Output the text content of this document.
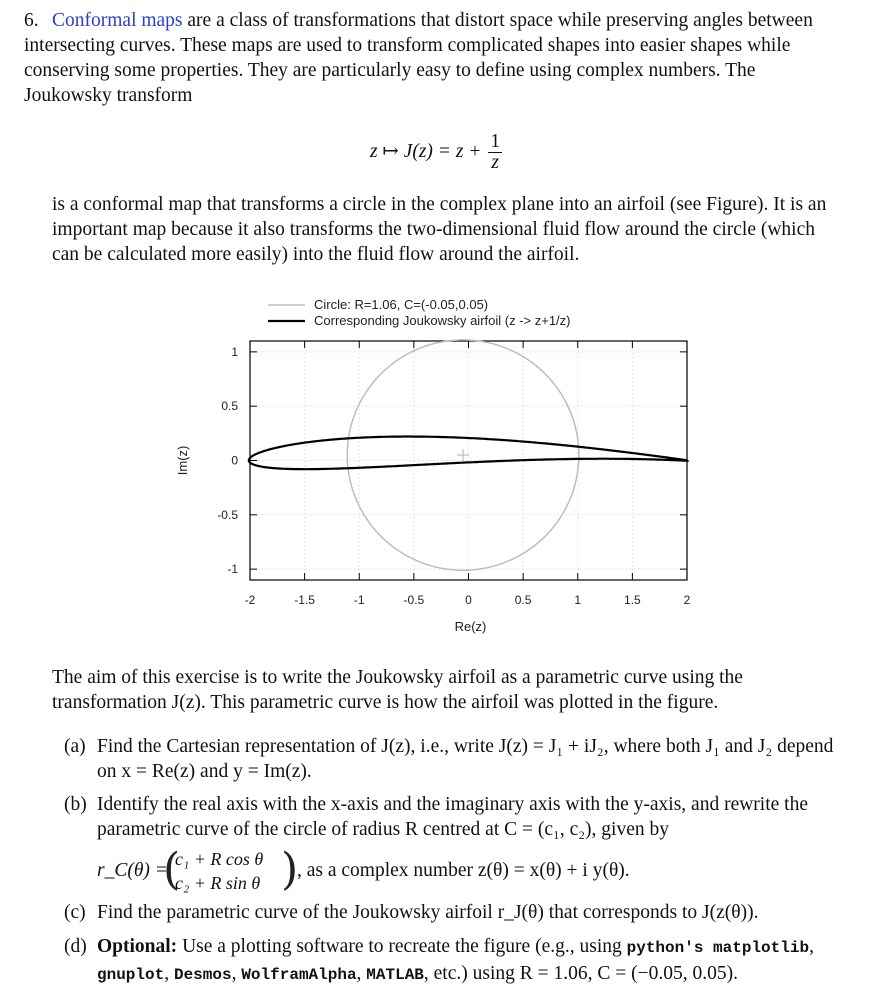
6. Conformal maps are a class of transformations that distort space while preserving angles between intersecting curves. These maps are used to transform complicated shapes into easier shapes while conserving some properties. They are particularly easy to define using complex numbers. The Joukowsky transform
z ↦ $J(z) = z + \frac{1}{z}$
is a conformal map that transforms a circle in the complex plane into an airfoil (see Figure). It is an important map because it also transforms the two-dimensional fluid flow around the circle (which can be calculated more easily) into the fluid flow around the airfoil.
-2	-1.5	-1	-0.5	0	0.5	1	1.5	2
1
0.5
0
-0.5
-1
Re(z)
Im(z)
Circle: R=1.06, C=(-0.05,0.05)
Corresponding Joukowsky airfoil (z -> z+1/z)
The aim of this exercise is to write the Joukowsky airfoil as a parametric curve using the transformation J(z). This parametric curve is how the airfoil was plotted in the figure.
(a) Find the Cartesian representation of J(z), i.e., write J(z) = J₁ + iJ₂, where both J₁ and J₂ depend on x = Re(z) and y = Im(z).
(b) Identify the real axis with the x-axis and the imaginary axis with the y-axis, and rewrite the parametric curve of the circle of radius R centred at C = (c₁, c₂), given by
r_C(θ) =
(
c₁ + R cos θ
c₂ + R sin θ )
, as a complex number z(θ) = x(θ) + i y(θ).
(c) Find the parametric curve of the Joukowsky airfoil r_J(θ) that corresponds to J(z(θ)).
(d) Optional: Use a plotting software to recreate the figure (e.g., using python's matplotlib, gnuplot, Desmos, WolframAlpha, MATLAB, etc.) using R = 1.06, C = (−0.05, 0.05).
